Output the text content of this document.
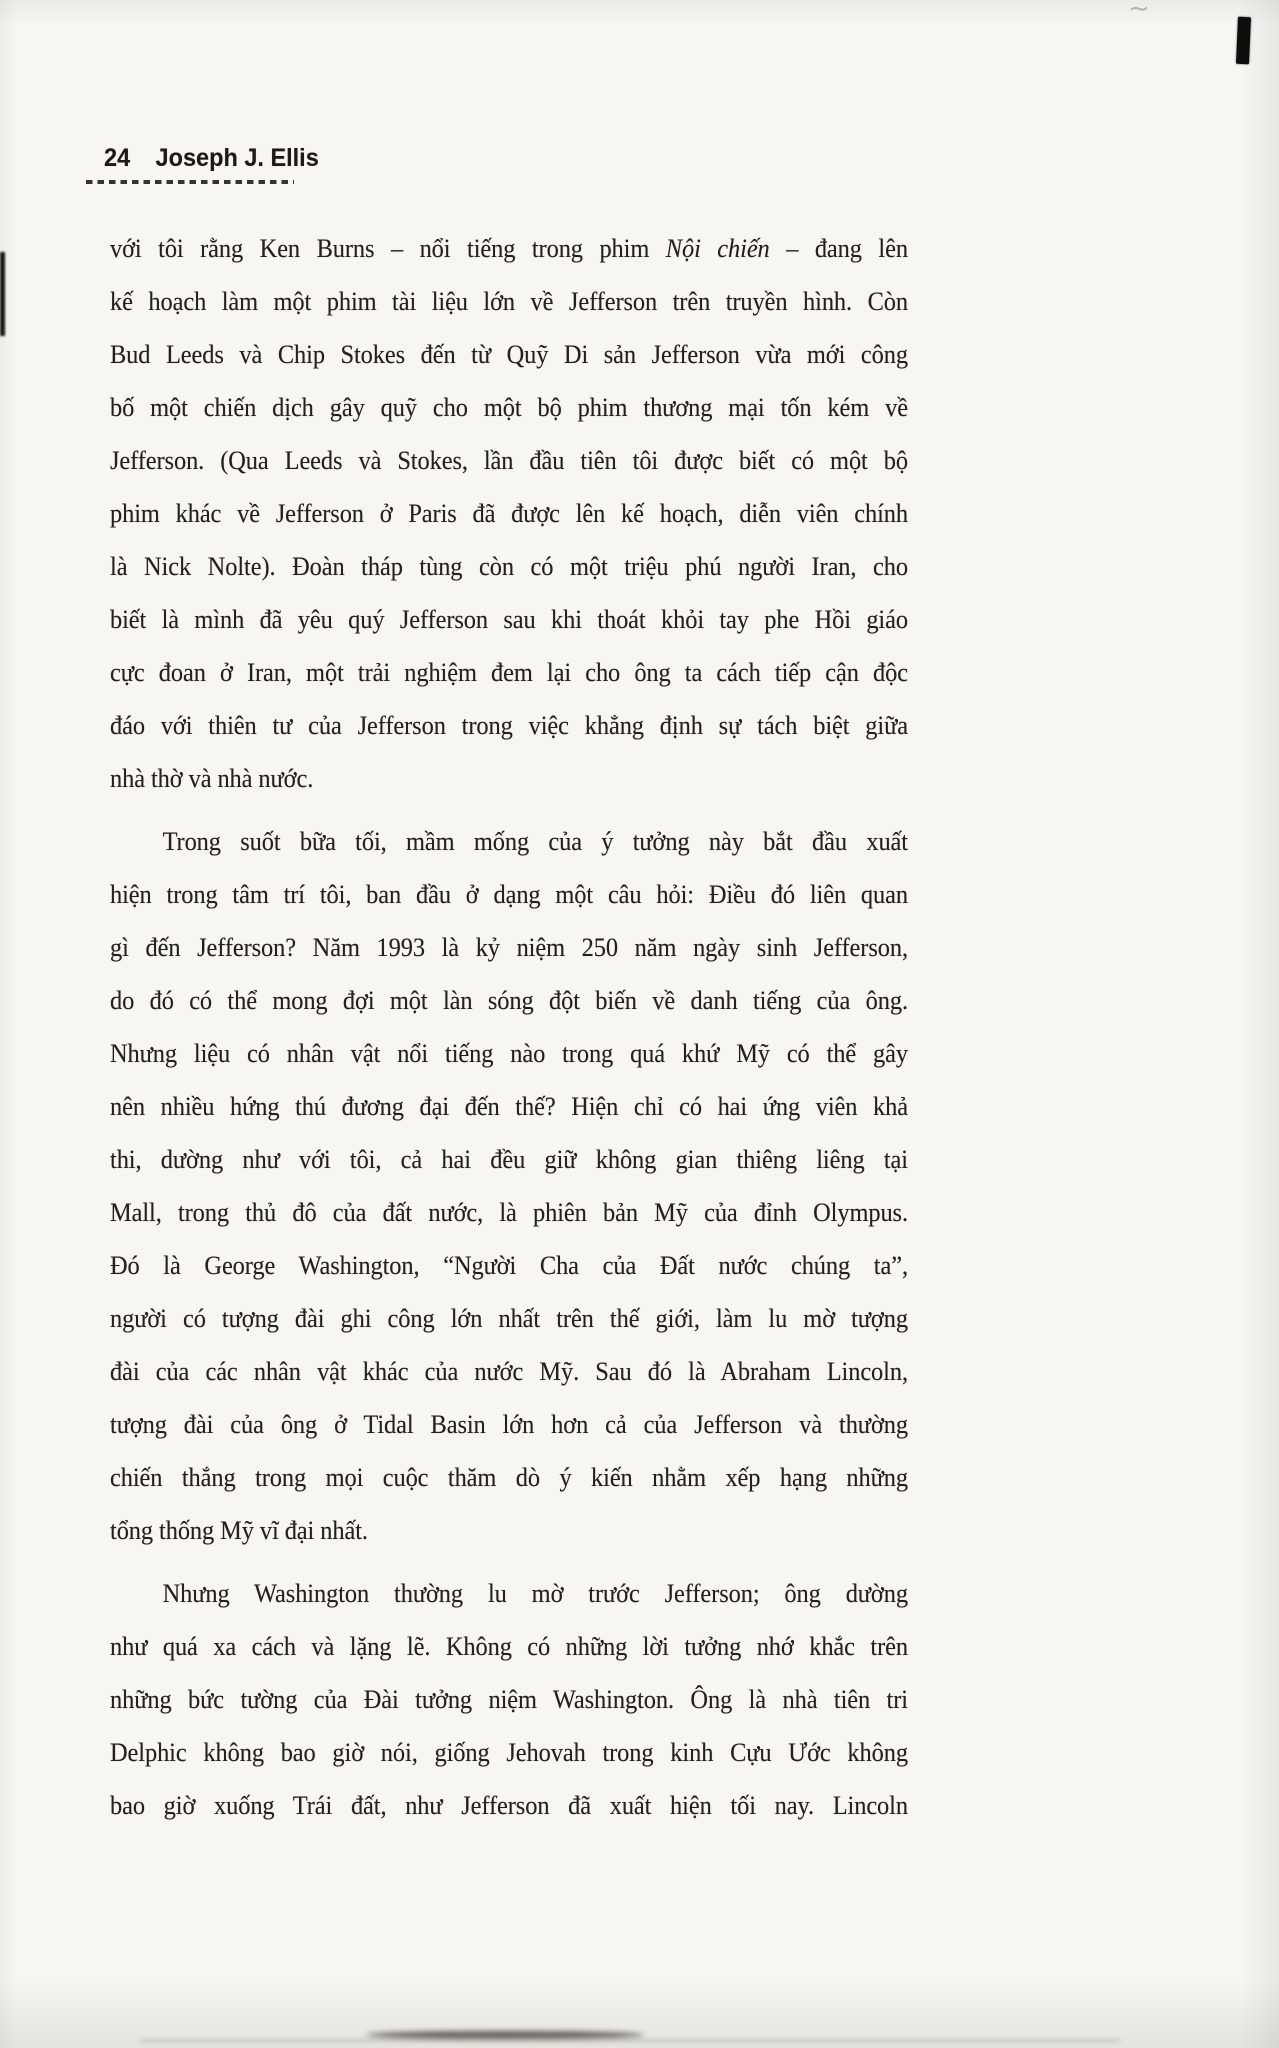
24 Joseph J. Ellis
với tôi rằng Ken Burns – nổi tiếng trong phim Nội chiến – đang lên
kế hoạch làm một phim tài liệu lớn về Jefferson trên truyền hình. Còn
Bud Leeds và Chip Stokes đến từ Quỹ Di sản Jefferson vừa mới công
bố một chiến dịch gây quỹ cho một bộ phim thương mại tốn kém về
Jefferson. (Qua Leeds và Stokes, lần đầu tiên tôi được biết có một bộ
phim khác về Jefferson ở Paris đã được lên kế hoạch, diễn viên chính
là Nick Nolte). Đoàn tháp tùng còn có một triệu phú người Iran, cho
biết là mình đã yêu quý Jefferson sau khi thoát khỏi tay phe Hồi giáo
cực đoan ở Iran, một trải nghiệm đem lại cho ông ta cách tiếp cận độc
đáo với thiên tư của Jefferson trong việc khẳng định sự tách biệt giữa
nhà thờ và nhà nước.
Trong suốt bữa tối, mầm mống của ý tưởng này bắt đầu xuất
hiện trong tâm trí tôi, ban đầu ở dạng một câu hỏi: Điều đó liên quan
gì đến Jefferson? Năm 1993 là kỷ niệm 250 năm ngày sinh Jefferson,
do đó có thể mong đợi một làn sóng đột biến về danh tiếng của ông.
Nhưng liệu có nhân vật nổi tiếng nào trong quá khứ Mỹ có thể gây
nên nhiều hứng thú đương đại đến thế? Hiện chỉ có hai ứng viên khả
thi, dường như với tôi, cả hai đều giữ không gian thiêng liêng tại
Mall, trong thủ đô của đất nước, là phiên bản Mỹ của đỉnh Olympus.
Đó là George Washington, “Người Cha của Đất nước chúng ta”,
người có tượng đài ghi công lớn nhất trên thế giới, làm lu mờ tượng
đài của các nhân vật khác của nước Mỹ. Sau đó là Abraham Lincoln,
tượng đài của ông ở Tidal Basin lớn hơn cả của Jefferson và thường
chiến thắng trong mọi cuộc thăm dò ý kiến nhằm xếp hạng những
tổng thống Mỹ vĩ đại nhất.
Nhưng Washington thường lu mờ trước Jefferson; ông dường
như quá xa cách và lặng lẽ. Không có những lời tưởng nhớ khắc trên
những bức tường của Đài tưởng niệm Washington. Ông là nhà tiên tri
Delphic không bao giờ nói, giống Jehovah trong kinh Cựu Ước không
bao giờ xuống Trái đất, như Jefferson đã xuất hiện tối nay. Lincoln
∼
